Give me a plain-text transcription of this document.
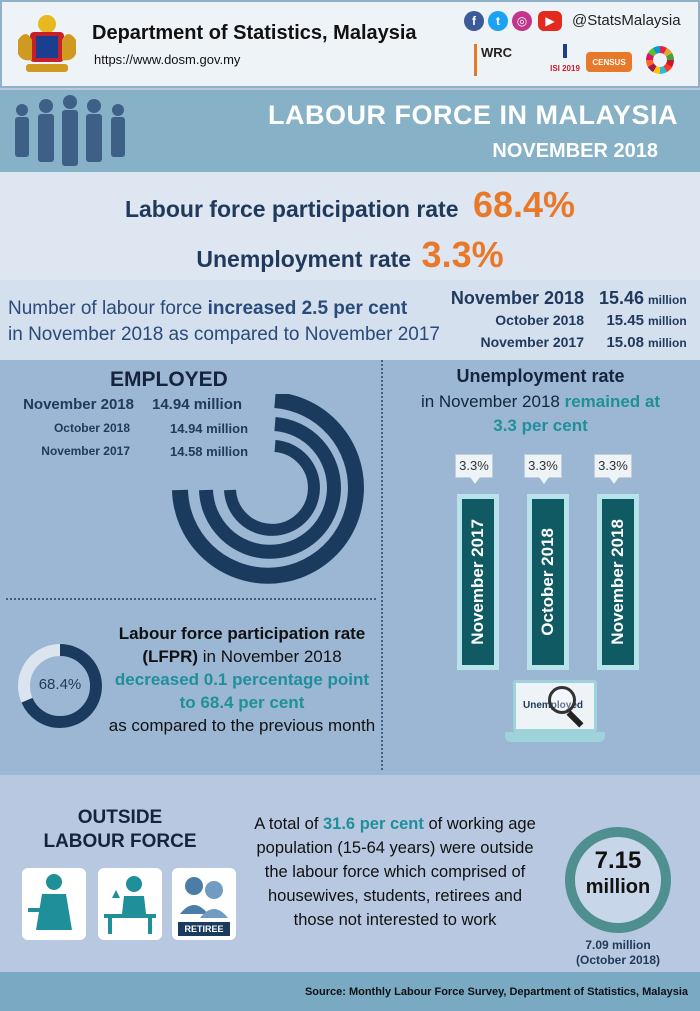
Department of Statistics, Malaysia
https://www.dosm.gov.my
f	t	◎	▶	@StatsMalaysia
WRC
ISI 2019
CENSUS
LABOUR FORCE IN MALAYSIA
NOVEMBER 2018
Labour force participation rate 68.4%
Unemployment rate 3.3%
Number of labour force increased 2.5 per cent
in November 2018 as compared to November 2017
November 2018 15.46 million
October 2018	15.45 million
November 2017	15.08 million
EMPLOYED
November 2018 14.94 million
October 2018	14.94 million
November 2017	14.58 million
Unemployment rate
in November 2018 remained at
3.3 per cent
3.3%	3.3%	3.3%
November 2017	October 2018	November 2018
Unemployed
68.4%
Labour force participation rate
(LFPR) in November 2018
decreased 0.1 percentage point
to 68.4 per cent
as compared to the previous month
OUTSIDE
LABOUR FORCE
RETIREE
A total of 31.6 per cent of working age
population (15-64 years) were outside
the labour force which comprised of
housewives, students, retirees and
those not interested to work
7.15
million
7.09 million
(October 2018)
Source: Monthly Labour Force Survey, Department of Statistics, Malaysia
